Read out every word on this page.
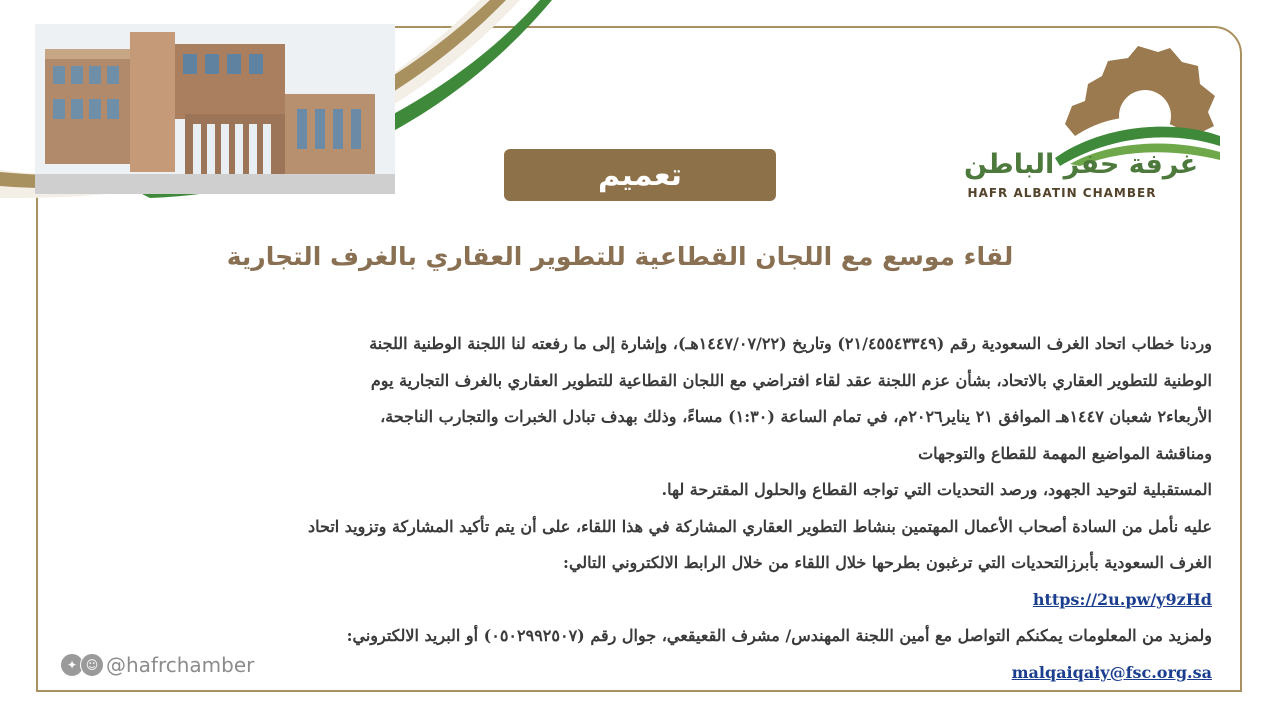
غرفة حفر الباطن
HAFR ALBATIN CHAMBER
تعميم
لقاء موسع مع اللجان القطاعية للتطوير العقاري بالغرف التجارية
وردنا خطاب اتحاد الغرف السعودية رقم (٢١/٤٥٥٤٣٣٤٩) وتاريخ (١٤٤٧/٠٧/٢٢هـ)، وإشارة إلى ما رفعته لنا اللجنة الوطنية اللجنة
الوطنية للتطوير العقاري بالاتحاد، بشأن عزم اللجنة عقد لقاء افتراضي مع اللجان القطاعية للتطوير العقاري بالغرف التجارية يوم
الأربعاء٢ شعبان ١٤٤٧هـ الموافق ٢١ يناير٢٠٢٦م، في تمام الساعة (١:٣٠) مساءً، وذلك بهدف تبادل الخبرات والتجارب الناجحة،
ومناقشة المواضيع المهمة للقطاع والتوجهات
المستقبلية لتوحيد الجهود، ورصد التحديات التي تواجه القطاع والحلول المقترحة لها.
عليه نأمل من السادة أصحاب الأعمال المهتمين بنشاط التطوير العقاري المشاركة في هذا اللقاء، على أن يتم تأكيد المشاركة وتزويد اتحاد
الغرف السعودية بأبرزالتحديات التي ترغبون بطرحها خلال اللقاء من خلال الرابط الالكتروني التالي:
https://2u.pw/y9zHd
ولمزيد من المعلومات يمكنكم التواصل مع أمين اللجنة المهندس/ مشرف القعيقعي، جوال رقم (٠٥٠٢٩٩٢٥٠٧) أو البريد الالكتروني:
malqaiqaiy@fsc.org.sa
✦ ☺ @hafrchamber
